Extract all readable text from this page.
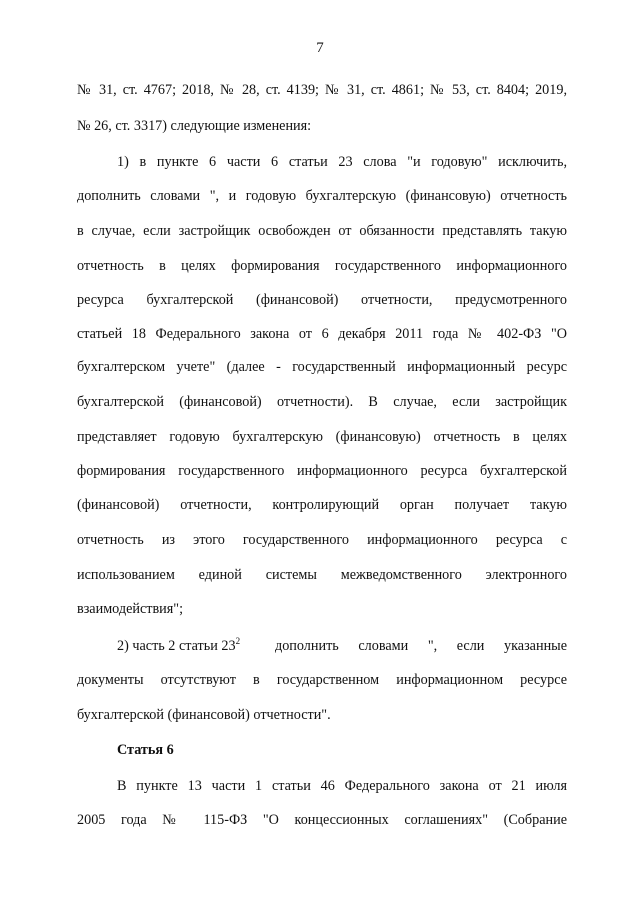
7
№ 31, ст. 4767; 2018, № 28, ст. 4139; № 31, ст. 4861; № 53, ст. 8404; 2019,
№ 26, ст. 3317) следующие изменения:
1) в пункте 6 части 6 статьи 23 слова "и годовую" исключить,
дополнить словами ", и годовую бухгалтерскую (финансовую) отчетность
в случае, если застройщик освобожден от обязанности представлять такую
отчетность в целях формирования государственного информационного
ресурса бухгалтерской (финансовой) отчетности, предусмотренного
статьей 18 Федерального закона от 6 декабря 2011 года № 402-ФЗ "О
бухгалтерском учете" (далее - государственный информационный ресурс
бухгалтерской (финансовой) отчетности). В случае, если застройщик
представляет годовую бухгалтерскую (финансовую) отчетность в целях
формирования государственного информационного ресурса бухгалтерской
(финансовой) отчетности, контролирующий орган получает такую
отчетность из этого государственного информационного ресурса с
использованием единой системы межведомственного электронного
взаимодействия";
2) часть 2 статьи $23^2$	дополнить словами ", если указанные
документы отсутствуют в государственном информационном ресурсе
бухгалтерской (финансовой) отчетности".
Статья 6
В пункте 13 части 1 статьи 46 Федерального закона от 21 июля
2005 года № 115-ФЗ "О концессионных соглашениях" (Собрание
